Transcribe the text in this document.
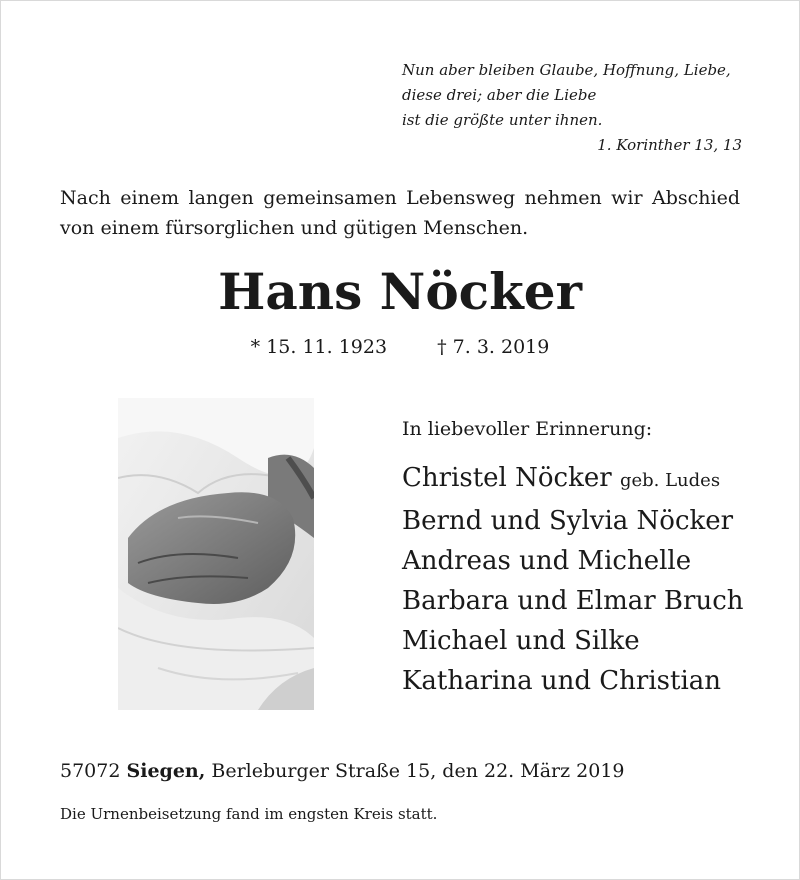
Nun aber bleiben Glaube, Hoffnung, Liebe,
diese drei; aber die Liebe
ist die größte unter ihnen.
1. Korinther 13, 13
Nach einem langen gemeinsamen Lebensweg nehmen wir Abschied von einem fürsorglichen und gütigen Menschen.
Hans Nöcker
* 15. 11. 1923	† 7. 3. 2019
In liebevoller Erinnerung:
Christel Nöcker geb. Ludes
Bernd und Sylvia Nöcker
Andreas und Michelle
Barbara und Elmar Bruch
Michael und Silke
Katharina und Christian
57072 Siegen, Berleburger Straße 15, den 22. März 2019
Die Urnenbeisetzung fand im engsten Kreis statt.
